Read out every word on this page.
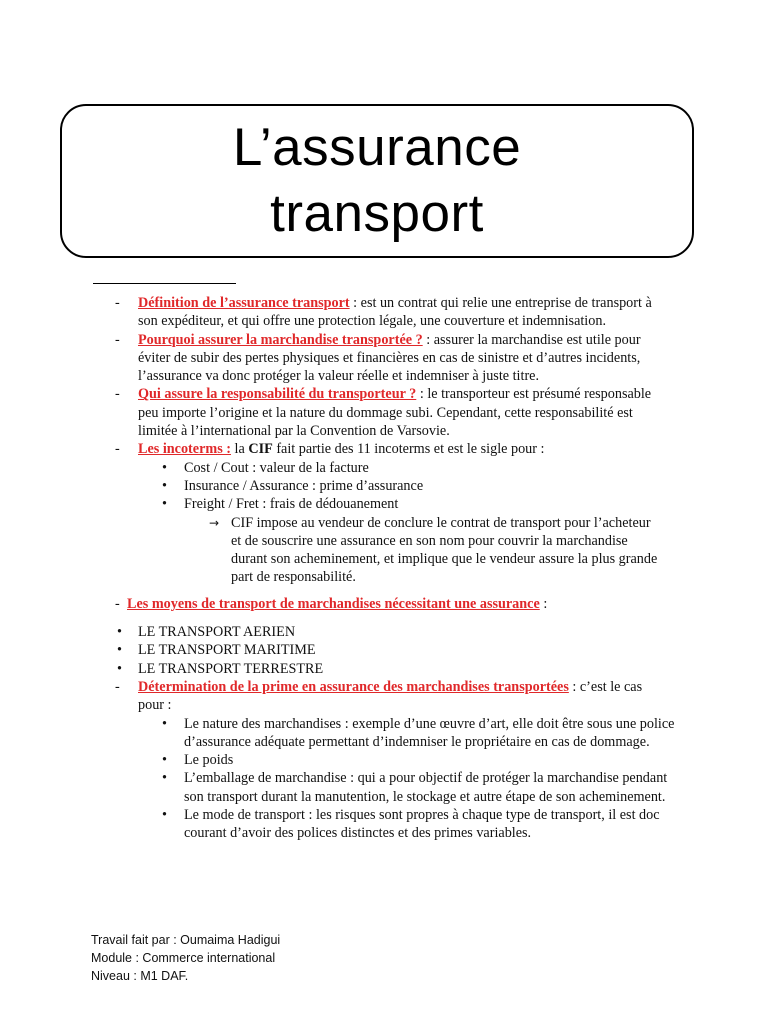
L’assurance
transport
- Définition de l’assurance transport : est un contrat qui relie une entreprise de transport à son expéditeur, et qui offre une protection légale, une couverture et indemnisation.
- Pourquoi assurer la marchandise transportée ? : assurer la marchandise est utile pour éviter de subir des pertes physiques et financières en cas de sinistre et d’autres incidents, l’assurance va donc protéger la valeur réelle et indemniser à juste titre.
- Qui assure la responsabilité du transporteur ? : le transporteur est présumé responsable peu importe l’origine et la nature du dommage subi. Cependant, cette responsabilité est limitée à l’international par la Convention de Varsovie.
- Les incoterms : la CIF fait partie des 11 incoterms et est le sigle pour :
• Cost / Cout : valeur de la facture
• Insurance / Assurance : prime d’assurance
• Freight / Fret : frais de dédouanement
→ CIF impose au vendeur de conclure le contrat de transport pour l’acheteur et de souscrire une assurance en son nom pour couvrir la marchandise durant son acheminement, et implique que le vendeur assure la plus grande part de responsabilité.
- Les moyens de transport de marchandises nécessitant une assurance :
• LE TRANSPORT AERIEN
• LE TRANSPORT MARITIME
• LE TRANSPORT TERRESTRE
- Détermination de la prime en assurance des marchandises transportées : c’est le cas pour :
• Le nature des marchandises : exemple d’une œuvre d’art, elle doit être sous une police d’assurance adéquate permettant d’indemniser le propriétaire en cas de dommage.
• Le poids
• L’emballage de marchandise : qui a pour objectif de protéger la marchandise pendant son transport durant la manutention, le stockage et autre étape de son acheminement.
• Le mode de transport : les risques sont propres à chaque type de transport, il est doc courant d’avoir des polices distinctes et des primes variables.
Travail fait par : Oumaima Hadigui
Module : Commerce international
Niveau : M1 DAF.
